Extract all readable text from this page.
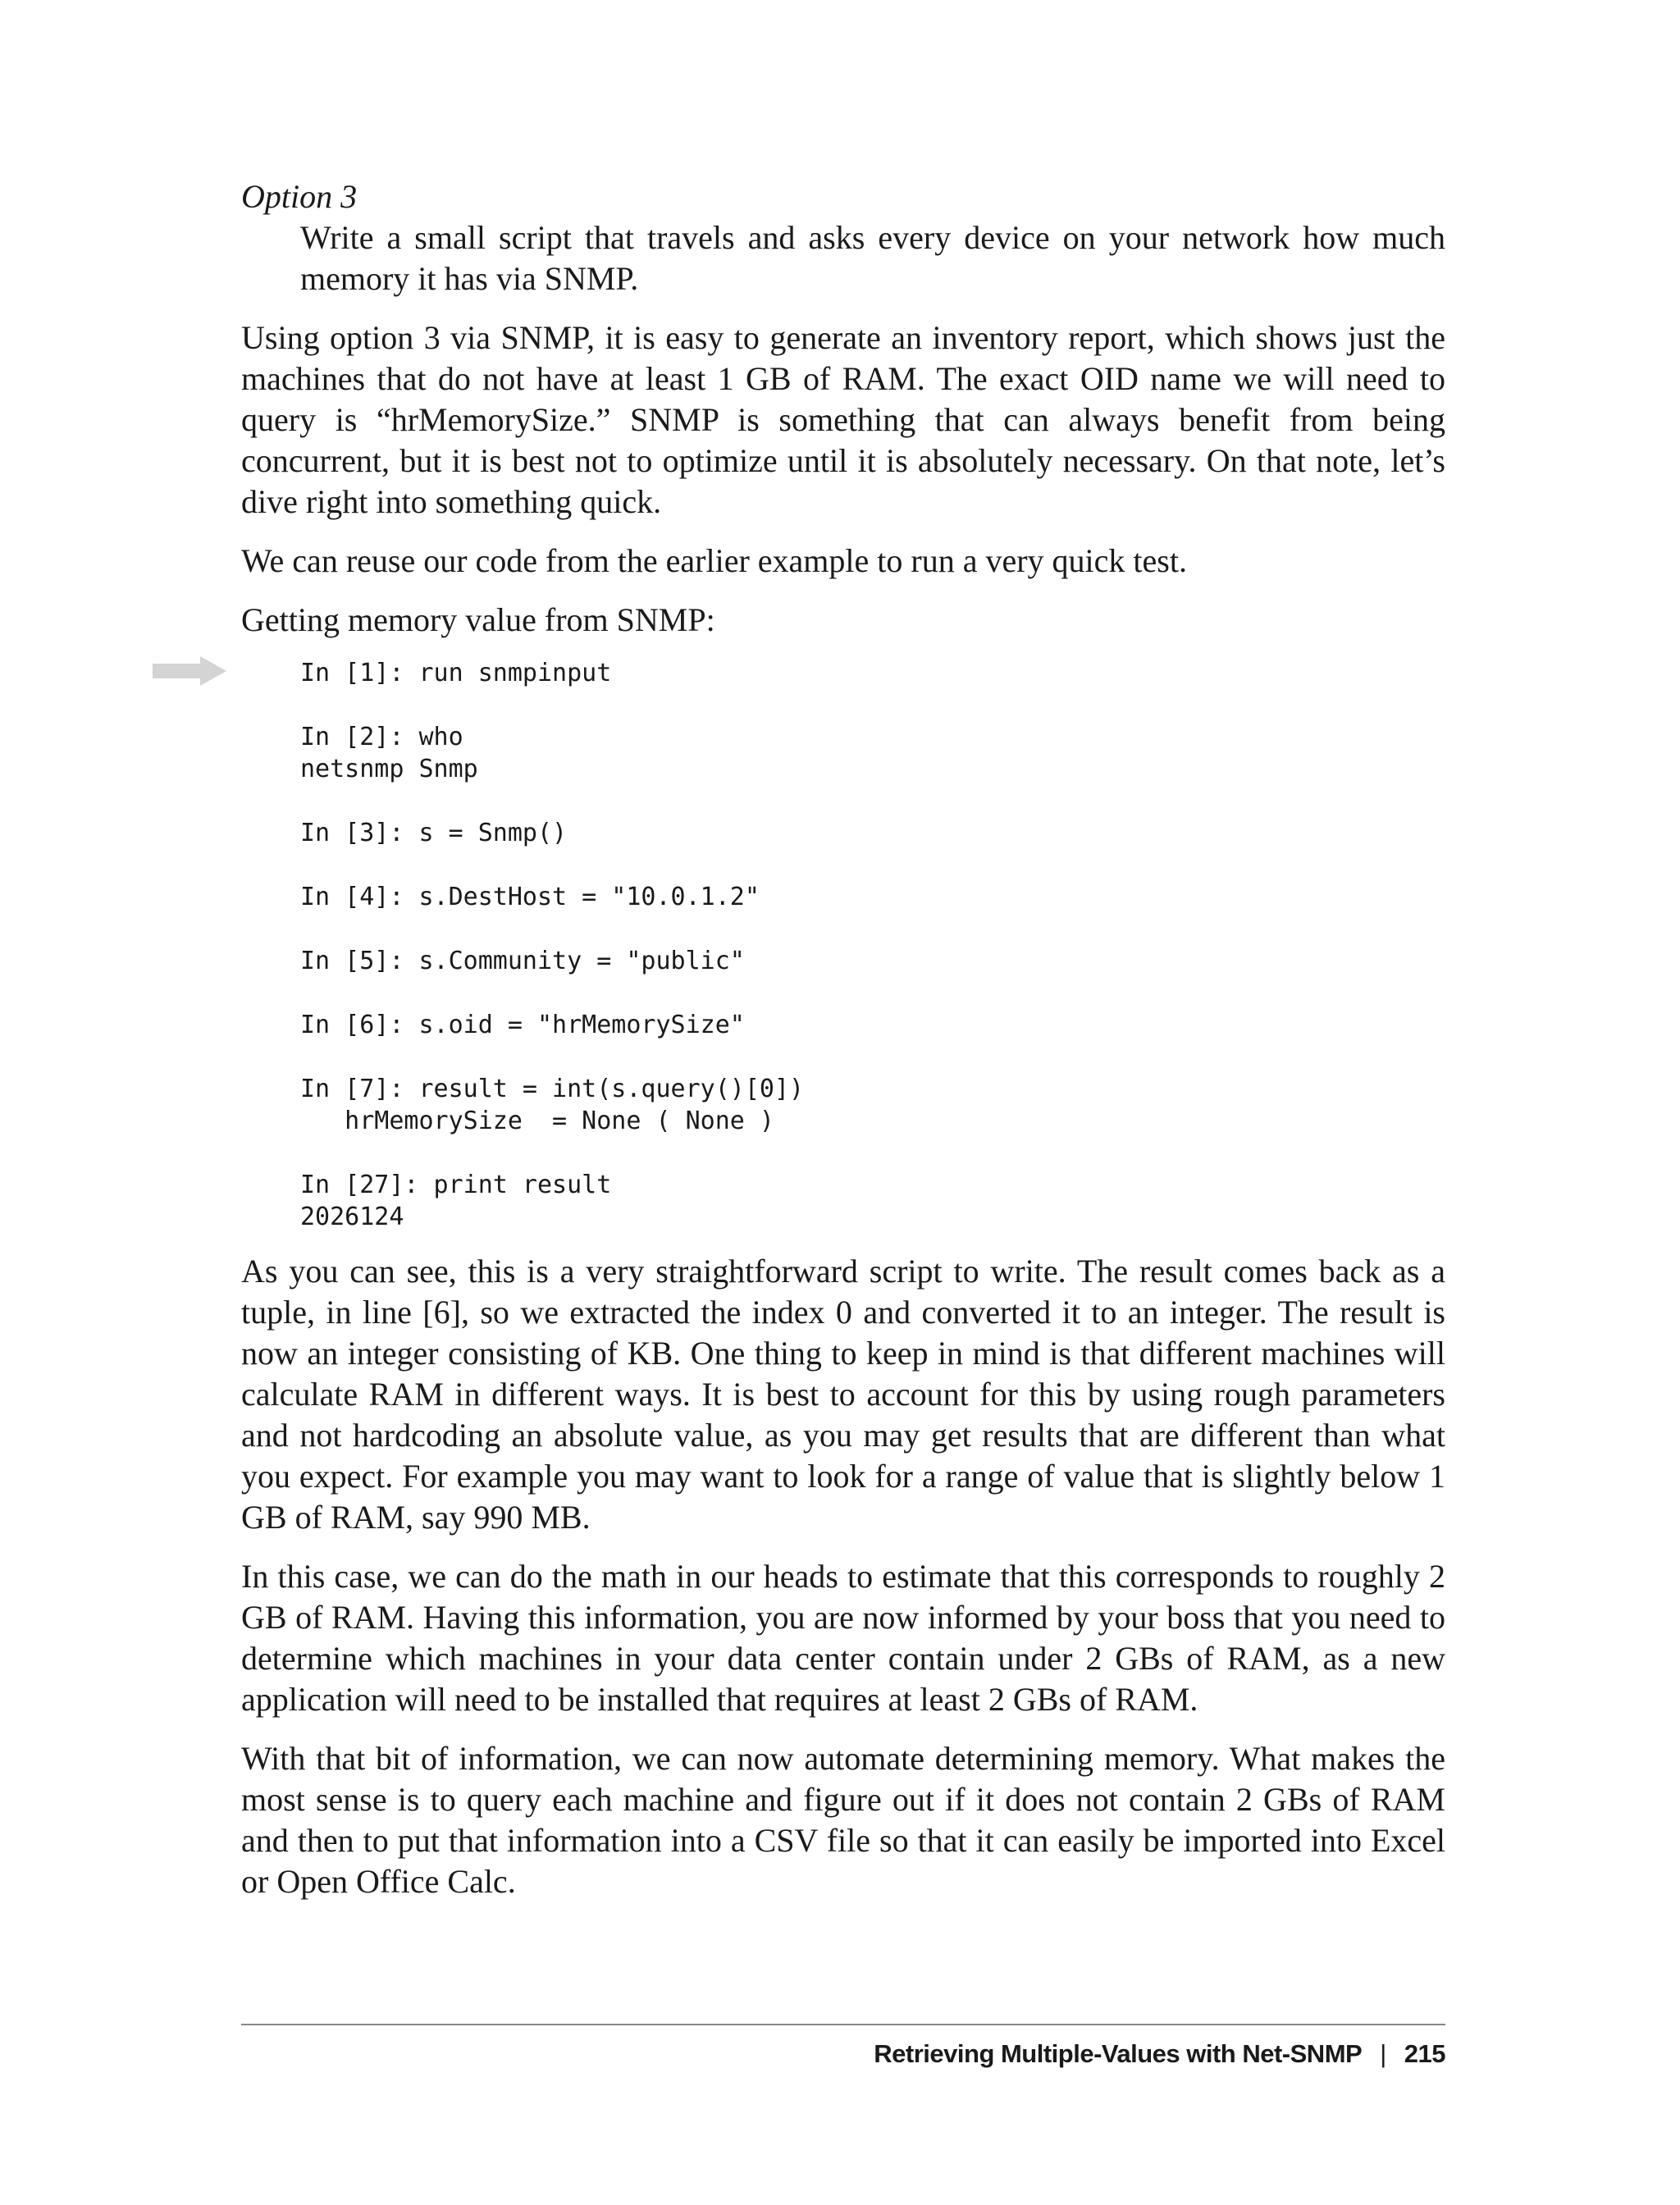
Option 3

Write a small script that travels and asks every device on your network how much memory it has via SNMP.

Using option 3 via SNMP, it is easy to generate an inventory report, which shows just the machines that do not have at least 1 GB of RAM. The exact OID name we will need to query is “hrMemorySize.” SNMP is something that can always benefit from being concurrent, but it is best not to optimize until it is absolutely necessary. On that note, let’s dive right into something quick.

We can reuse our code from the earlier example to run a very quick test.

Getting memory value from SNMP:

In [1]: run snmpinput

In [2]: who
netsnmp Snmp

In [3]: s = Snmp()

In [4]: s.DestHost = "10.0.1.2"

In [5]: s.Community = "public"

In [6]: s.oid = "hrMemorySize"

In [7]: result = int(s.query()[0])
hrMemorySize  = None ( None )

In [27]: print result
2026124

As you can see, this is a very straightforward script to write. The result comes back as a tuple, in line [6], so we extracted the index 0 and converted it to an integer. The result is now an integer consisting of KB. One thing to keep in mind is that different machines will calculate RAM in different ways. It is best to account for this by using rough parameters and not hardcoding an absolute value, as you may get results that are different than what you expect. For example you may want to look for a range of value that is slightly below 1 GB of RAM, say 990 MB.

In this case, we can do the math in our heads to estimate that this corresponds to roughly 2 GB of RAM. Having this information, you are now informed by your boss that you need to determine which machines in your data center contain under 2 GBs of RAM, as a new application will need to be installed that requires at least 2 GBs of RAM.

With that bit of information, we can now automate determining memory. What makes the most sense is to query each machine and figure out if it does not contain 2 GBs of RAM and then to put that information into a CSV file so that it can easily be imported into Excel or Open Office Calc.

Retrieving Multiple-Values with Net-SNMP | 215
